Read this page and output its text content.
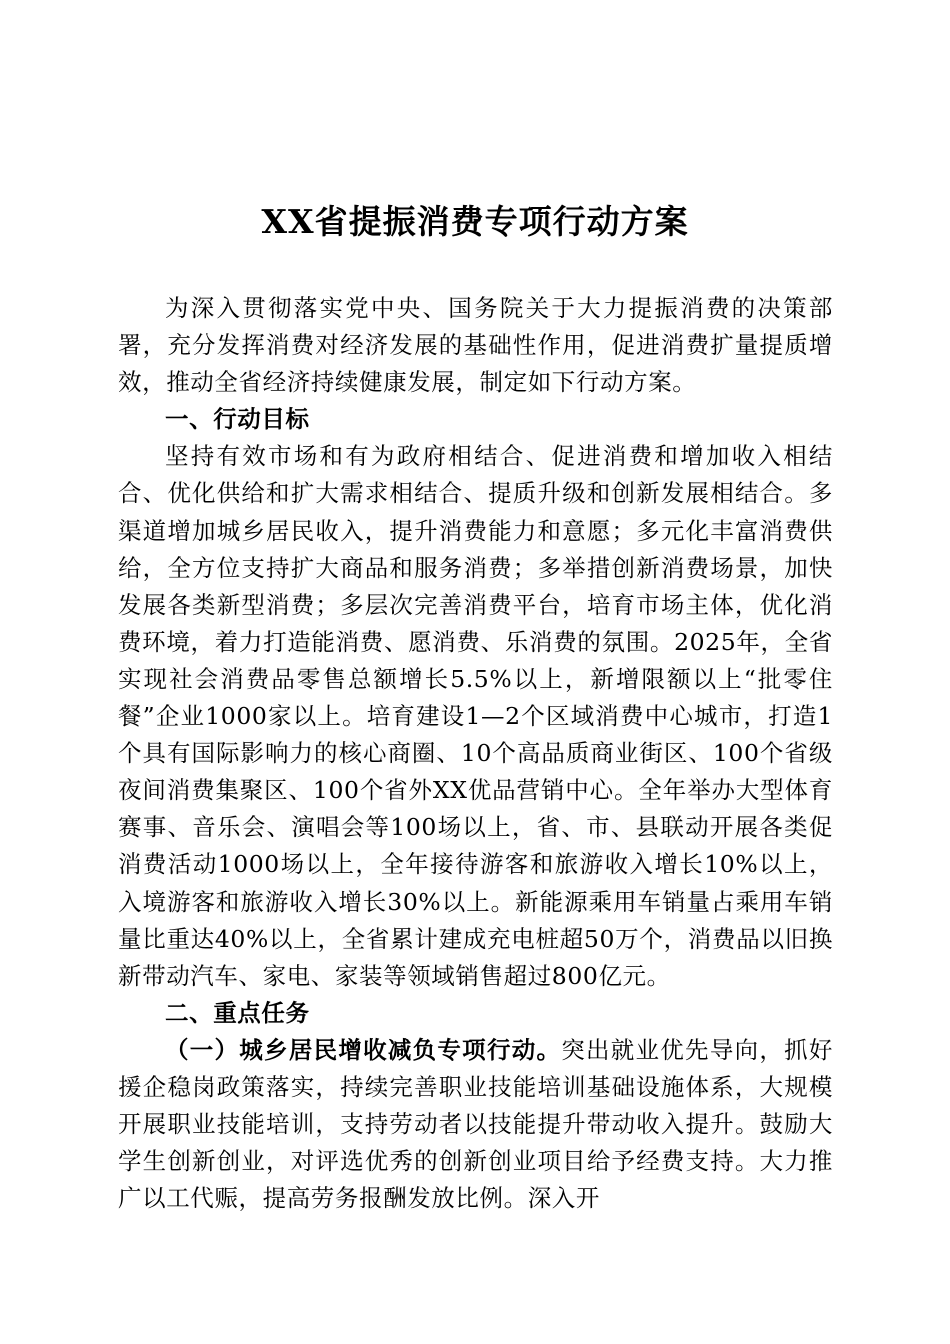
XX省提振消费专项行动方案

为深入贯彻落实党中央、国务院关于大力提振消费的决策部署，充分发挥消费对经济发展的基础性作用，促进消费扩量提质增效，推动全省经济持续健康发展，制定如下行动方案。

一、行动目标

坚持有效市场和有为政府相结合、促进消费和增加收入相结合、优化供给和扩大需求相结合、提质升级和创新发展相结合。多渠道增加城乡居民收入，提升消费能力和意愿；多元化丰富消费供给，全方位支持扩大商品和服务消费；多举措创新消费场景，加快发展各类新型消费；多层次完善消费平台，培育市场主体，优化消费环境，着力打造能消费、愿消费、乐消费的氛围。2025年，全省实现社会消费品零售总额增长5.5%以上，新增限额以上“批零住餐”企业1000家以上。培育建设1—2个区域消费中心城市，打造1个具有国际影响力的核心商圈、10个高品质商业街区、100个省级夜间消费集聚区、100个省外XX优品营销中心。全年举办大型体育赛事、音乐会、演唱会等100场以上，省、市、县联动开展各类促消费活动1000场以上，全年接待游客和旅游收入增长10%以上，入境游客和旅游收入增长30%以上。新能源乘用车销量占乘用车销量比重达40%以上，全省累计建成充电桩超50万个，消费品以旧换新带动汽车、家电、家装等领域销售超过800亿元。

二、重点任务

（一）城乡居民增收减负专项行动。突出就业优先导向，抓好援企稳岗政策落实，持续完善职业技能培训基础设施体系，大规模开展职业技能培训，支持劳动者以技能提升带动收入提升。鼓励大学生创新创业，对评选优秀的创新创业项目给予经费支持。大力推广以工代赈，提高劳务报酬发放比例。深入开
